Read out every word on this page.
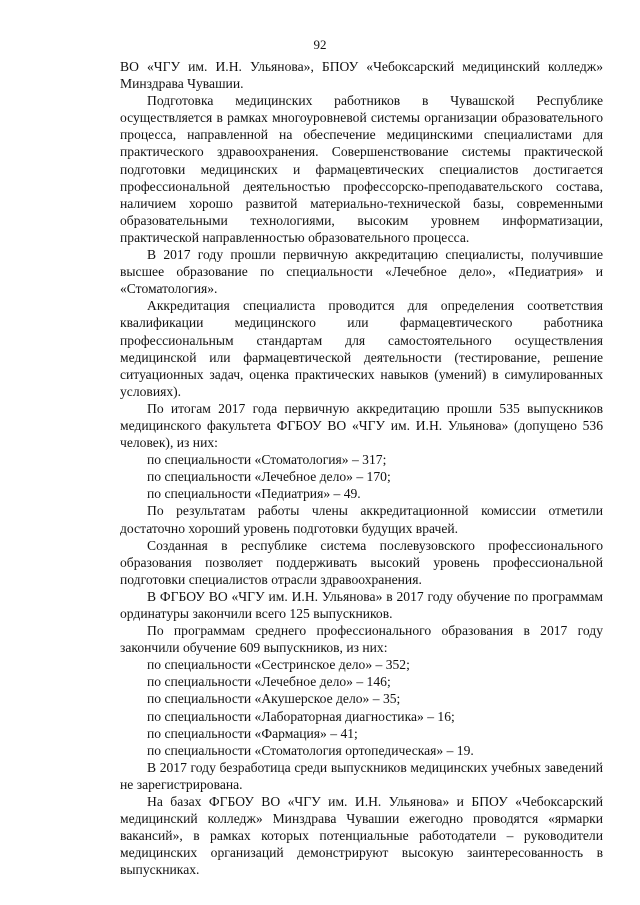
92

ВО «ЧГУ им. И.Н. Ульянова», БПОУ «Чебоксарский медицинский колледж» Минздрава Чувашии.

Подготовка медицинских работников в Чувашской Республике осуществляется в рамках многоуровневой системы организации образовательного процесса, направленной на обеспечение медицинскими специалистами для практического здравоохранения. Совершенствование системы практической подготовки медицинских и фармацевтических специалистов достигается профессиональной деятельностью профессорско-преподавательского состава, наличием хорошо развитой материально-технической базы, современными образовательными технологиями, высоким уровнем информатизации, практической направленностью образовательного процесса.

В 2017 году прошли первичную аккредитацию специалисты, получившие высшее образование по специальности «Лечебное дело», «Педиатрия» и «Стоматология».

Аккредитация специалиста проводится для определения соответствия квалификации медицинского или фармацевтического работника профессиональным стандартам для самостоятельного осуществления медицинской или фармацевтической деятельности (тестирование, решение ситуационных задач, оценка практических навыков (умений) в симулированных условиях).

По итогам 2017 года первичную аккредитацию прошли 535 выпускников медицинского факультета ФГБОУ ВО «ЧГУ им. И.Н. Ульянова» (допущено 536 человек), из них:

по специальности «Стоматология» – 317;

по специальности «Лечебное дело» – 170;

по специальности «Педиатрия» – 49.

По результатам работы члены аккредитационной комиссии отметили достаточно хороший уровень подготовки будущих врачей.

Созданная в республике система послевузовского профессионального образования позволяет поддерживать высокий уровень профессиональной подготовки специалистов отрасли здравоохранения.

В ФГБОУ ВО «ЧГУ им. И.Н. Ульянова» в 2017 году обучение по программам ординатуры закончили всего 125 выпускников.

По программам среднего профессионального образования в 2017 году закончили обучение 609 выпускников, из них:

по специальности «Сестринское дело» – 352;

по специальности «Лечебное дело» – 146;

по специальности «Акушерское дело» – 35;

по специальности «Лабораторная диагностика» – 16;

по специальности «Фармация» – 41;

по специальности «Стоматология ортопедическая» – 19.

В 2017 году безработица среди выпускников медицинских учебных заведений не зарегистрирована.

На базах ФГБОУ ВО «ЧГУ им. И.Н. Ульянова» и БПОУ «Чебоксарский медицинский колледж» Минздрава Чувашии ежегодно проводятся «ярмарки вакансий», в рамках которых потенциальные работодатели – руководители медицинских организаций демонстрируют высокую заинтересованность в выпускниках.
